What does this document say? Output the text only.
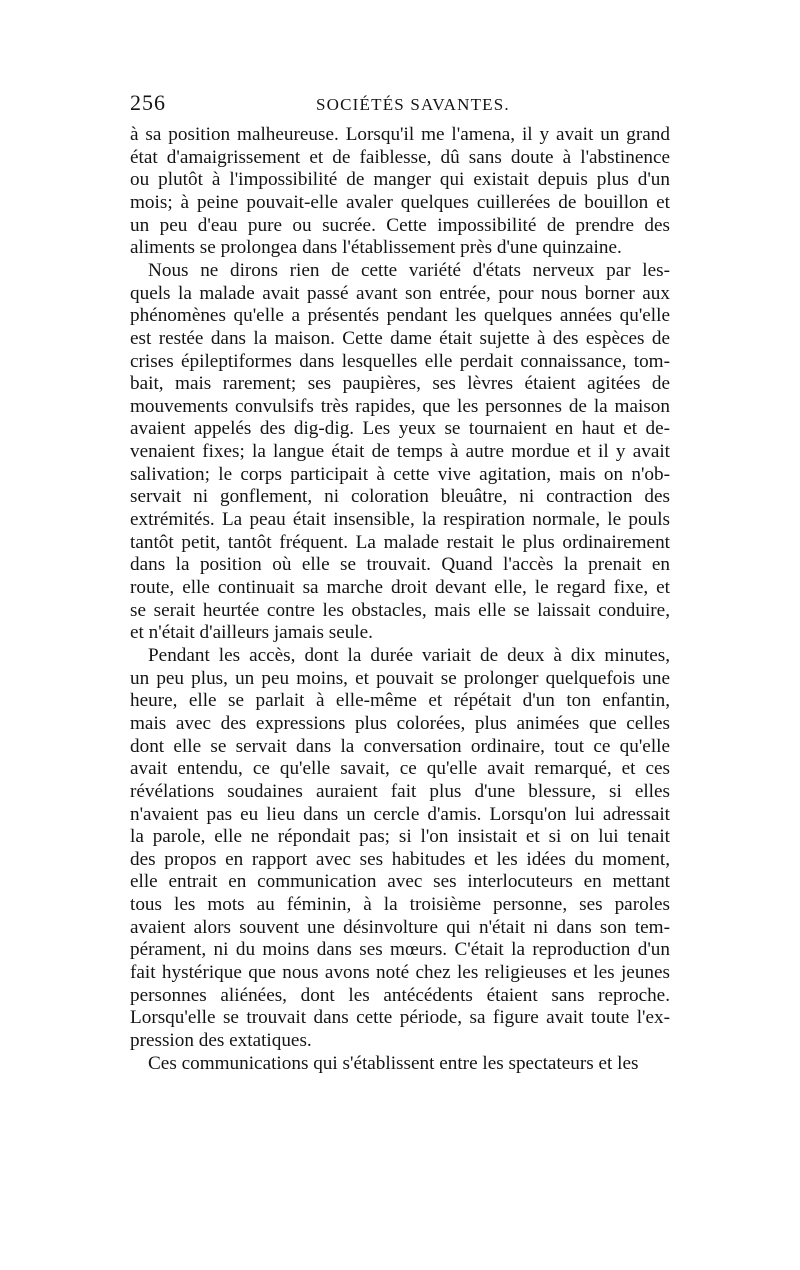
256	SOCIÉTÉS SAVANTES.
à sa position malheureuse. Lorsqu'il me l'amena, il y avait un grand
état d'amaigrissement et de faiblesse, dû sans doute à l'abstinence
ou plutôt à l'impossibilité de manger qui existait depuis plus d'un
mois; à peine pouvait-elle avaler quelques cuillerées de bouillon et
un peu d'eau pure ou sucrée. Cette impossibilité de prendre des
aliments se prolongea dans l'établissement près d'une quinzaine.
Nous ne dirons rien de cette variété d'états nerveux par les-
quels la malade avait passé avant son entrée, pour nous borner aux
phénomènes qu'elle a présentés pendant les quelques années qu'elle
est restée dans la maison. Cette dame était sujette à des espèces de
crises épileptiformes dans lesquelles elle perdait connaissance, tom-
bait, mais rarement; ses paupières, ses lèvres étaient agitées de
mouvements convulsifs très rapides, que les personnes de la maison
avaient appelés des dig-dig. Les yeux se tournaient en haut et de-
venaient fixes; la langue était de temps à autre mordue et il y avait
salivation; le corps participait à cette vive agitation, mais on n'ob-
servait ni gonflement, ni coloration bleuâtre, ni contraction des
extrémités. La peau était insensible, la respiration normale, le pouls
tantôt petit, tantôt fréquent. La malade restait le plus ordinairement
dans la position où elle se trouvait. Quand l'accès la prenait en
route, elle continuait sa marche droit devant elle, le regard fixe, et
se serait heurtée contre les obstacles, mais elle se laissait conduire,
et n'était d'ailleurs jamais seule.
Pendant les accès, dont la durée variait de deux à dix minutes,
un peu plus, un peu moins, et pouvait se prolonger quelquefois une
heure, elle se parlait à elle-même et répétait d'un ton enfantin,
mais avec des expressions plus colorées, plus animées que celles
dont elle se servait dans la conversation ordinaire, tout ce qu'elle
avait entendu, ce qu'elle savait, ce qu'elle avait remarqué, et ces
révélations soudaines auraient fait plus d'une blessure, si elles
n'avaient pas eu lieu dans un cercle d'amis. Lorsqu'on lui adressait
la parole, elle ne répondait pas; si l'on insistait et si on lui tenait
des propos en rapport avec ses habitudes et les idées du moment,
elle entrait en communication avec ses interlocuteurs en mettant
tous les mots au féminin, à la troisième personne, ses paroles
avaient alors souvent une désinvolture qui n'était ni dans son tem-
pérament, ni du moins dans ses mœurs. C'était la reproduction d'un
fait hystérique que nous avons noté chez les religieuses et les jeunes
personnes aliénées, dont les antécédents étaient sans reproche.
Lorsqu'elle se trouvait dans cette période, sa figure avait toute l'ex-
pression des extatiques.
Ces communications qui s'établissent entre les spectateurs et les
